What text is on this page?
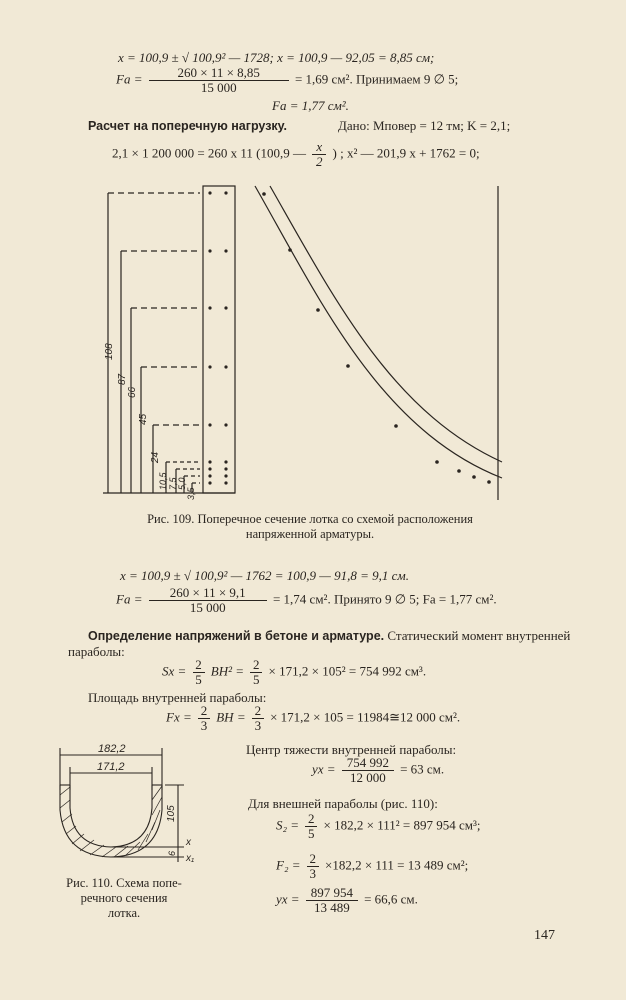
x = 100,9 ± √ 100,9² — 1728; x = 100,9 — 92,05 = 8,85 см;
$Fa = \frac{260 \times 11 \times 8,85}{15 000} = 1,69$ см². Принимаем 9 ∅ 5;
Fa = 1,77 см².
Расчет на поперечную нагрузку.	Дано: Mповер = 12 тм; K = 2,1;
2,1 × 1 200 000 = 260 x 11 (100,9 — $\frac{x}{2}$ ) ; x² — 201,9 x + 1762 = 0;
108
87
66
45
24
10,5 7,5 5,0
3,5
182,2
171,2
105
6
x
x₁
Рис. 109. Поперечное сечение лотка со схемой расположения
напряженной арматуры.
x = 100,9 ± √ 100,9² — 1762 = 100,9 — 91,8 = 9,1 см.
$Fa = \frac{260 \times 11 \times 9,1}{15 000} = 1,74$ см². Принято 9 ∅ 5; Fa = 1,77 см².
Определение напряжений в бетоне и арматуре. Статический момент внутренней
параболы:
$Sx = \frac{2}{5} BH^2 = \frac{2}{5} \times 171,2 \times 105^2 = 754$ 992 см³.
Площадь внутренней параболы:
$Fx = \frac{2}{3}$ BH = $\frac{2}{3} \times 171,2 \times 105$ = 11984≅12 000 см².
Центр тяжести внутренней параболы:
yx = $\frac{754 992}{12 000} = 63$ см.
Для внешней параболы (рис. 110):
$S_2 = \frac{2}{5} \times 182,2 \times 111^2 = 897$ 954 см³;
$F_2 = \frac{2}{3} \times 182,2 \times 111 = 13$ 489 см²;
yx = $\frac{897 954}{13 489} = 66,6$ см.
Рис. 110. Схема попе-
речного сечения
лотка.
147
